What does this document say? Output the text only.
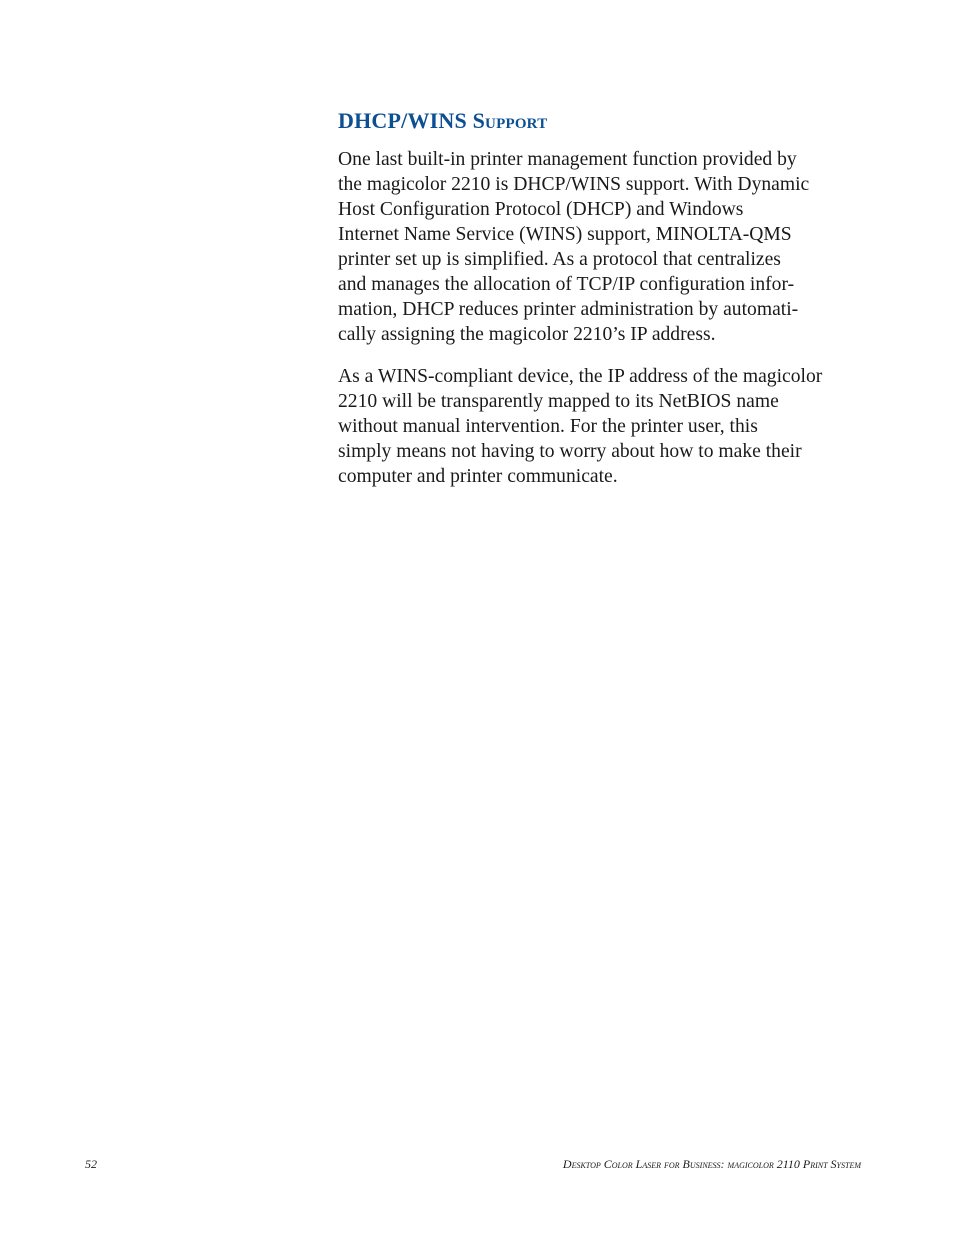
DHCP/WINS Support

One last built-in printer management function provided by
the magicolor 2210 is DHCP/WINS support. With Dynamic
Host Configuration Protocol (DHCP) and Windows
Internet Name Service (WINS) support, MINOLTA-QMS
printer set up is simplified. As a protocol that centralizes
and manages the allocation of TCP/IP configuration infor-
mation, DHCP reduces printer administration by automati-
cally assigning the magicolor 2210’s IP address.

As a WINS-compliant device, the IP address of the magicolor
2210 will be transparently mapped to its NetBIOS name
without manual intervention. For the printer user, this
simply means not having to worry about how to make their
computer and printer communicate.

52	Desktop Color Laser for Business: magicolor 2110 Print System
